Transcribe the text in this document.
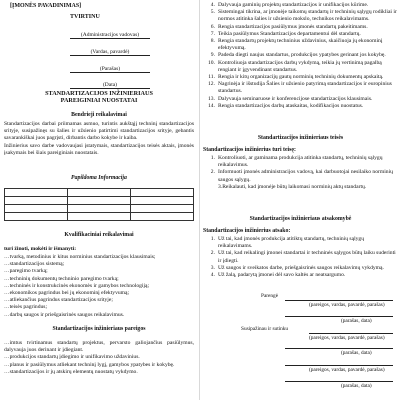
[ĮMONĖS PAVADINIMAS]
TVIRTINU
(Administracijos vadovas)
(Vardas, pavardė)
(Parašas)
(Data)
STANDARTIZACIJOS INŽINIERIAUS
PAREIGINIAI NUOSTATAI
Bendrieji reikalavimai

Standartizacijos darbai priimamas asmuo, turintis aukštąjį techninį standartizacijos srityje, susipažinęs su šalies ir užsienio patirtimi standartizacijos srityje, gebantis savarankiškai juos pagrįsti, dirbantis darbo kokybe ir kaiba.

Inžinierius savo darbe vadovaujasi įstatymais, standartizacijos teisės aktais, įmonės įsakymais bei šiais pareiginiais nuostatais.

Papildoma Informacija

Kvalifikaciniai reikalavimai
turi žinoti, mokėti ir išmanyti:
…tvarką, metodinius ir kitus norminius standartizacijos klausimais;
…standartizacijos sistemą;
…paregimo tvarką;
…techninių dokumentų techninio paregimo tvarką;
…techninės ir konstrukcinės ekonomės ir gamybos technologiją;
…ekonomikos pagrindus bei jų ekonominį efektyvumą;
…atliekančius pagrindus standartizacijos srityje;
…teisės pagrindus;
…darbų saugos ir priešgaisrinės saugos reikalavimus.
Standartizacijos inžinieriaus pareigos
…imtus tvirtinamus standartų projektus, pervarsto galiojančius pasiūlymus, dalyvauja juos derinant ir įdiegiant.
…produkcijos standartų įdiegimo ir unifikavimo uždavinius.
…planus ir pasiūlymus atliekant techninį lygį, gamybos ypatybes ir kokybę.
…standartizacijos ir jų atskirų elementų nuostatų vykdymo.
4. Dalyvauja gaminių projektų standartizacijos ir unifikacijos kūrime.
5. Sistemingai tikrina, ar įmonėje taikomų standartų ir techninių sąlygų rodikliai ir normos atitinka šalies ir užsienio mokslo, technikos reikalavimams.
6. Rengia standartizacijos pasiūlymus įmonės standartų pakeitimams.
7. Teikia pasiūlymus Standartizacijos departamentui dėl standartų.
8. Rengia standartų projektų techninius uždavinius, skaičiuoja jų ekonominį efektyvumą.
9. Padeda diegti naujus standartus, produkcijos ypatybes gerinant jos kokybę.
10. Kontroliuoja standartizacijos darbų vykdymą, teikia jų vertinimą pagalbą rengiant ir įgyvendinant standartus.
11. Rengia ir kitų organizacijų gautų norminių techninių dokumentų apskaitą.
12. Nagrinėja ir išstudija Šalies ir užsienio patyrimą standartizacijos ir europinius standartus.
13. Dalyvauja seminaruose ir konferencijose standartizacijos klausimais.
14. Rengia standartizacijos darbų ataskaitas, kodifikacijos nuostatus.
Standartizacijos inžinieriaus teisės
Standartizacijos inžinierius turi teisę:
1. Kontroliuoti, ar gaminama produkcija atitinka standartų, techninių sąlygų reikalavimus.
2. Informuoti įmonės administracijos vadovą, kai darbuotojai nesilaiko norminių saugos sąlygų.
3.Reikalauti, kad įmonėje būtų laikomasi norminių aktų standartų.
Standartizacijos inžinieriaus atsakomybė
Standartizacijos inžinierius atsako:
1. Už tai, kad įmonės produkcija atitiktų standartų, techninių sąlygų reikalavimams.
2. Už tai, kad reikalingi įmonei standartai ir techninės sąlygos būtų laiku suderinti ir įdiegti.
3. Už saugos ir sveikatos darbe, priešgaisrinės saugos reikalavimų vykdymą.
4. Už žalą, padarytą įmonei dėl savo kaltės ar neatsargumo.
Parengė
(pareigos, vardas, pavardė, parašas)
(parašas, data)
Susipažinau ir sutinku
(pareigos, vardas, pavardė, parašas)
(parašas, data)
(pareigos, vardas, pavardė, parašas)
(parašas, data)
